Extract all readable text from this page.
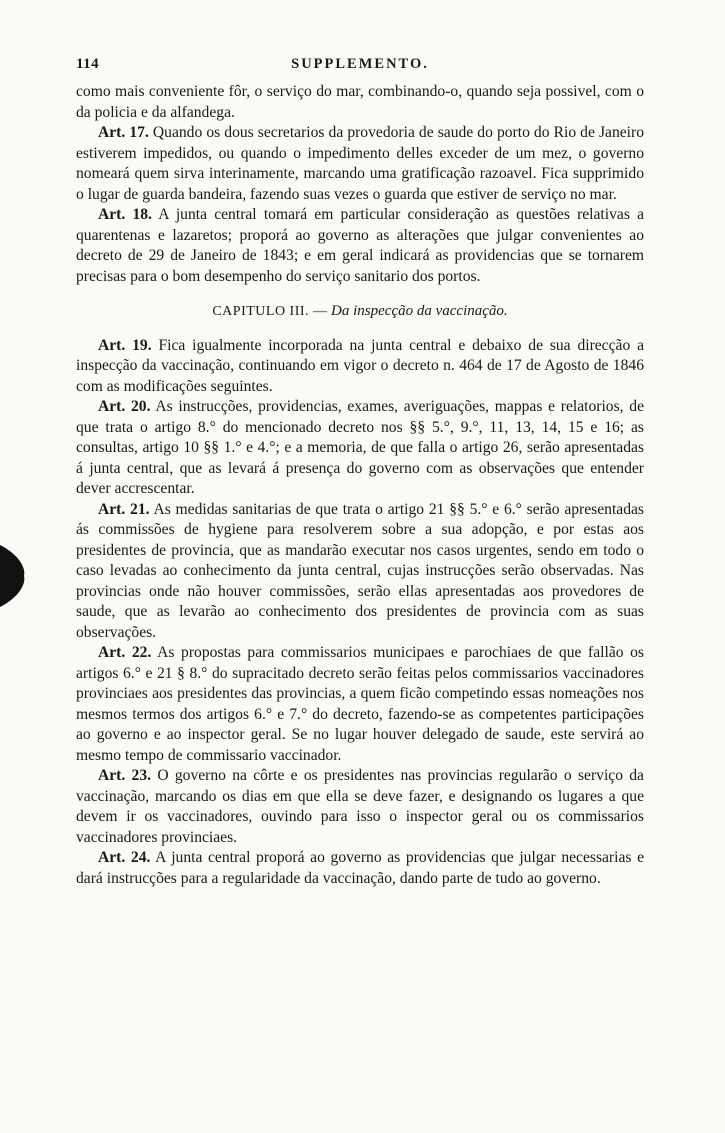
114	SUPPLEMENTO.

como mais conveniente fôr, o serviço do mar, combinando-o, quando seja possivel, com o da policia e da alfandega.

Art. 17. Quando os dous secretarios da provedoria de saude do porto do Rio de Janeiro estiverem impedidos, ou quando o impedimento delles exceder de um mez, o governo nomeará quem sirva interinamente, marcando uma gratificação razoavel. Fica supprimido o lugar de guarda bandeira, fazendo suas vezes o guarda que estiver de serviço no mar.

Art. 18. A junta central tomará em particular consideração as questões relativas a quarentenas e lazaretos; proporá ao governo as alterações que julgar convenientes ao decreto de 29 de Janeiro de 1843; e em geral indicará as providencias que se tornarem precisas para o bom desempenho do serviço sanitario dos portos.

CAPITULO III. — Da inspecção da vaccinação.

Art. 19. Fica igualmente incorporada na junta central e debaixo de sua direcção a inspecção da vaccinação, continuando em vigor o decreto n. 464 de 17 de Agosto de 1846 com as modificações seguintes.

Art. 20. As instrucções, providencias, exames, averiguações, mappas e relatorios, de que trata o artigo 8.° do mencionado decreto nos §§ 5.°, 9.°, 11, 13, 14, 15 e 16; as consultas, artigo 10 §§ 1.° e 4.°; e a memoria, de que falla o artigo 26, serão apresentadas á junta central, que as levará á presença do governo com as observações que entender dever accrescentar.

Art. 21. As medidas sanitarias de que trata o artigo 21 §§ 5.° e 6.° serão apresentadas ás commissões de hygiene para resolverem sobre a sua adopção, e por estas aos presidentes de provincia, que as mandarão executar nos casos urgentes, sendo em todo o caso levadas ao conhecimento da junta central, cujas instrucções serão observadas. Nas provincias onde não houver commissões, serão ellas apresentadas aos provedores de saude, que as levarão ao conhecimento dos presidentes de provincia com as suas observações.

Art. 22. As propostas para commissarios municipaes e parochiaes de que fallão os artigos 6.° e 21 § 8.° do supracitado decreto serão feitas pelos commissarios vaccinadores provinciaes aos presidentes das provincias, a quem ficão competindo essas nomeações nos mesmos termos dos artigos 6.° e 7.° do decreto, fazendo-se as competentes participações ao governo e ao inspector geral. Se no lugar houver delegado de saude, este servirá ao mesmo tempo de commissario vaccinador.

Art. 23. O governo na côrte e os presidentes nas provincias regularão o serviço da vaccinação, marcando os dias em que ella se deve fazer, e designando os lugares a que devem ir os vaccinadores, ouvindo para isso o inspector geral ou os commissarios vaccinadores provinciaes.

Art. 24. A junta central proporá ao governo as providencias que julgar necessarias e dará instrucções para a regularidade da vaccinação, dando parte de tudo ao governo.
